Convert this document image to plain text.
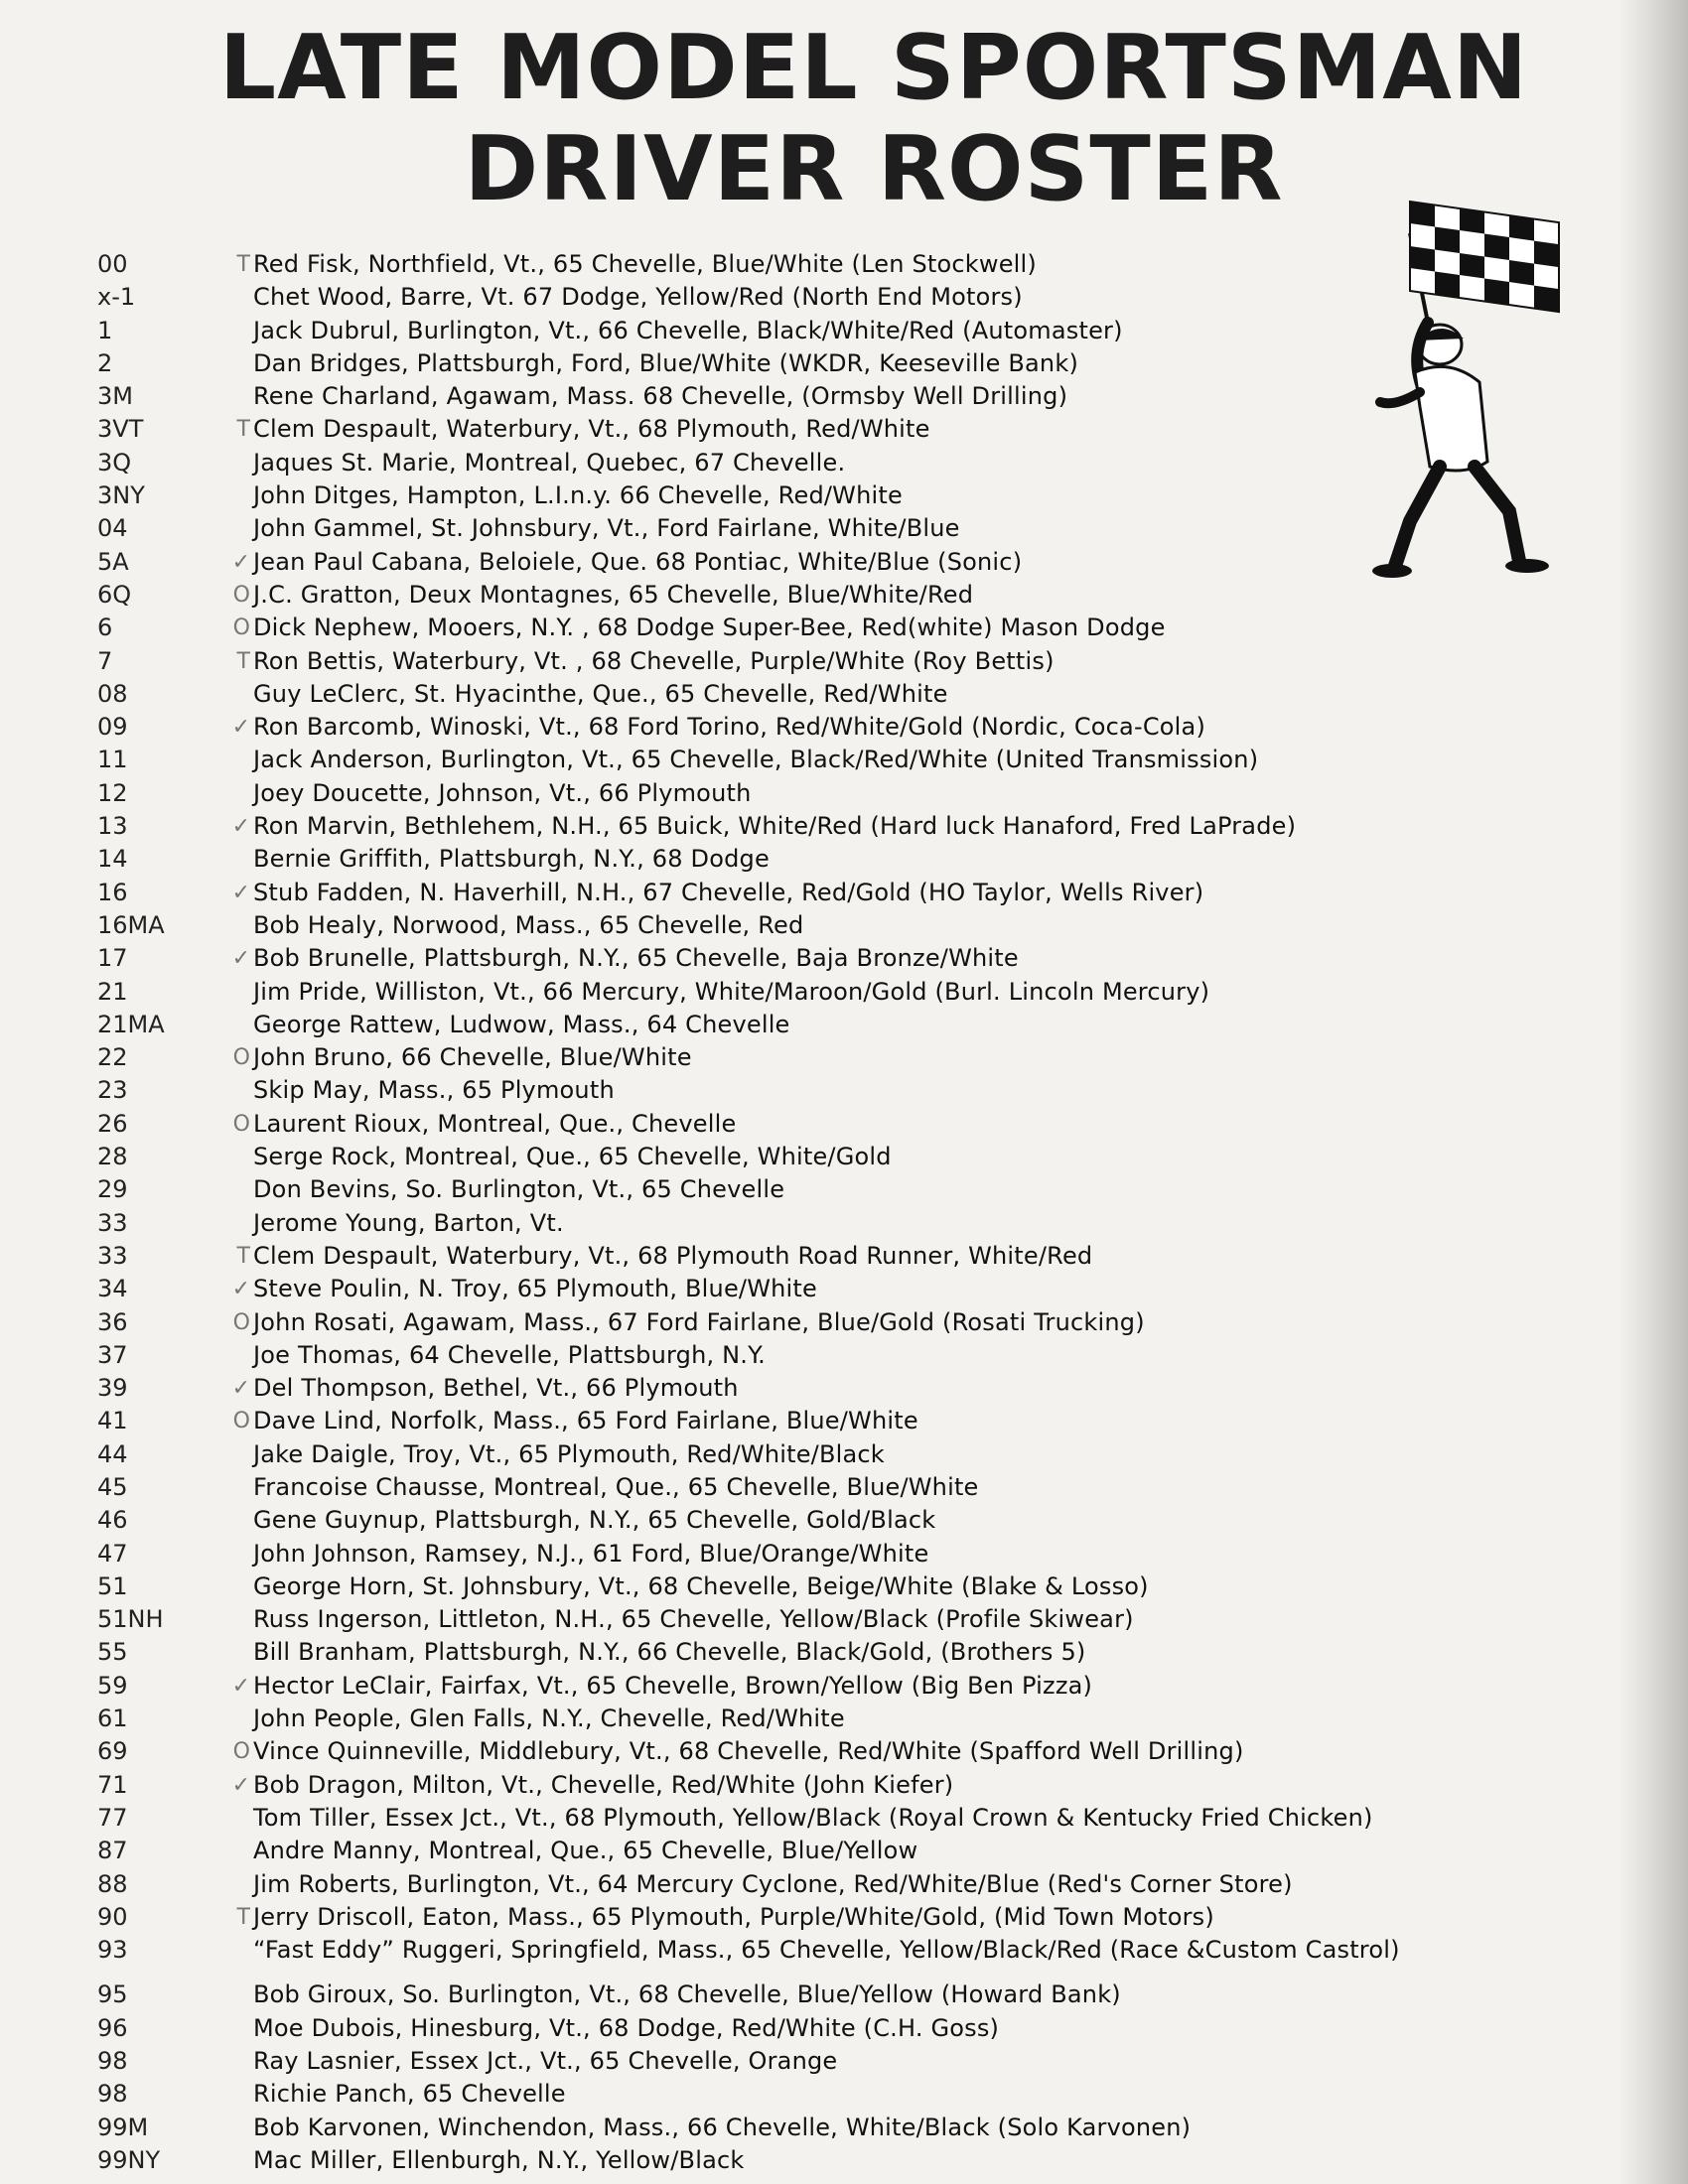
LATE MODEL SPORTSMAN
DRIVER ROSTER
00	T Red Fisk, Northfield, Vt., 65 Chevelle, Blue/White (Len Stockwell)
x-1	Chet Wood, Barre, Vt. 67 Dodge, Yellow/Red (North End Motors)
1	Jack Dubrul, Burlington, Vt., 66 Chevelle, Black/White/Red (Automaster)
2	Dan Bridges, Plattsburgh, Ford, Blue/White (WKDR, Keeseville Bank)
3M	Rene Charland, Agawam, Mass. 68 Chevelle, (Ormsby Well Drilling)
3VT	T Clem Despault, Waterbury, Vt., 68 Plymouth, Red/White
3Q	Jaques St. Marie, Montreal, Quebec, 67 Chevelle.
3NY	John Ditges, Hampton, L.I.n.y. 66 Chevelle, Red/White
04	John Gammel, St. Johnsbury, Vt., Ford Fairlane, White/Blue
5A	✓ Jean Paul Cabana, Beloiele, Que. 68 Pontiac, White/Blue (Sonic)
6Q	O J.C. Gratton, Deux Montagnes, 65 Chevelle, Blue/White/Red
6	O Dick Nephew, Mooers, N.Y. , 68 Dodge Super-Bee, Red(white) Mason Dodge
7	T Ron Bettis, Waterbury, Vt. , 68 Chevelle, Purple/White (Roy Bettis)
08	Guy LeClerc, St. Hyacinthe, Que., 65 Chevelle, Red/White
09	✓ Ron Barcomb, Winoski, Vt., 68 Ford Torino, Red/White/Gold (Nordic, Coca-Cola)
11	Jack Anderson, Burlington, Vt., 65 Chevelle, Black/Red/White (United Transmission)
12	Joey Doucette, Johnson, Vt., 66 Plymouth
13	✓ Ron Marvin, Bethlehem, N.H., 65 Buick, White/Red (Hard luck Hanaford, Fred LaPrade)
14	Bernie Griffith, Plattsburgh, N.Y., 68 Dodge
16	✓ Stub Fadden, N. Haverhill, N.H., 67 Chevelle, Red/Gold (HO Taylor, Wells River)
16MA	Bob Healy, Norwood, Mass., 65 Chevelle, Red
17	✓ Bob Brunelle, Plattsburgh, N.Y., 65 Chevelle, Baja Bronze/White
21	Jim Pride, Williston, Vt., 66 Mercury, White/Maroon/Gold (Burl. Lincoln Mercury)
21MA	George Rattew, Ludwow, Mass., 64 Chevelle
22	O John Bruno, 66 Chevelle, Blue/White
23	Skip May, Mass., 65 Plymouth
26	O Laurent Rioux, Montreal, Que., Chevelle
28	Serge Rock, Montreal, Que., 65 Chevelle, White/Gold
29	Don Bevins, So. Burlington, Vt., 65 Chevelle
33	Jerome Young, Barton, Vt.
33	T Clem Despault, Waterbury, Vt., 68 Plymouth Road Runner, White/Red
34	✓ Steve Poulin, N. Troy, 65 Plymouth, Blue/White
36	O John Rosati, Agawam, Mass., 67 Ford Fairlane, Blue/Gold (Rosati Trucking)
37	Joe Thomas, 64 Chevelle, Plattsburgh, N.Y.
39	✓ Del Thompson, Bethel, Vt., 66 Plymouth
41	O Dave Lind, Norfolk, Mass., 65 Ford Fairlane, Blue/White
44	Jake Daigle, Troy, Vt., 65 Plymouth, Red/White/Black
45	Francoise Chausse, Montreal, Que., 65 Chevelle, Blue/White
46	Gene Guynup, Plattsburgh, N.Y., 65 Chevelle, Gold/Black
47	John Johnson, Ramsey, N.J., 61 Ford, Blue/Orange/White
51	George Horn, St. Johnsbury, Vt., 68 Chevelle, Beige/White (Blake & Losso)
51NH	Russ Ingerson, Littleton, N.H., 65 Chevelle, Yellow/Black (Profile Skiwear)
55	Bill Branham, Plattsburgh, N.Y., 66 Chevelle, Black/Gold, (Brothers 5)
59	✓ Hector LeClair, Fairfax, Vt., 65 Chevelle, Brown/Yellow (Big Ben Pizza)
61	John People, Glen Falls, N.Y., Chevelle, Red/White
69	O Vince Quinneville, Middlebury, Vt., 68 Chevelle, Red/White (Spafford Well Drilling)
71	✓ Bob Dragon, Milton, Vt., Chevelle, Red/White (John Kiefer)
77	Tom Tiller, Essex Jct., Vt., 68 Plymouth, Yellow/Black (Royal Crown & Kentucky Fried Chicken)
87	Andre Manny, Montreal, Que., 65 Chevelle, Blue/Yellow
88	Jim Roberts, Burlington, Vt., 64 Mercury Cyclone, Red/White/Blue (Red's Corner Store)
90	T Jerry Driscoll, Eaton, Mass., 65 Plymouth, Purple/White/Gold, (Mid Town Motors)
93	“Fast Eddy” Ruggeri, Springfield, Mass., 65 Chevelle, Yellow/Black/Red (Race &Custom Castrol)
95	Bob Giroux, So. Burlington, Vt., 68 Chevelle, Blue/Yellow (Howard Bank)
96	Moe Dubois, Hinesburg, Vt., 68 Dodge, Red/White (C.H. Goss)
98	Ray Lasnier, Essex Jct., Vt., 65 Chevelle, Orange
98	Richie Panch, 65 Chevelle
99M	Bob Karvonen, Winchendon, Mass., 66 Chevelle, White/Black (Solo Karvonen)
99NY	Mac Miller, Ellenburgh, N.Y., Yellow/Black
